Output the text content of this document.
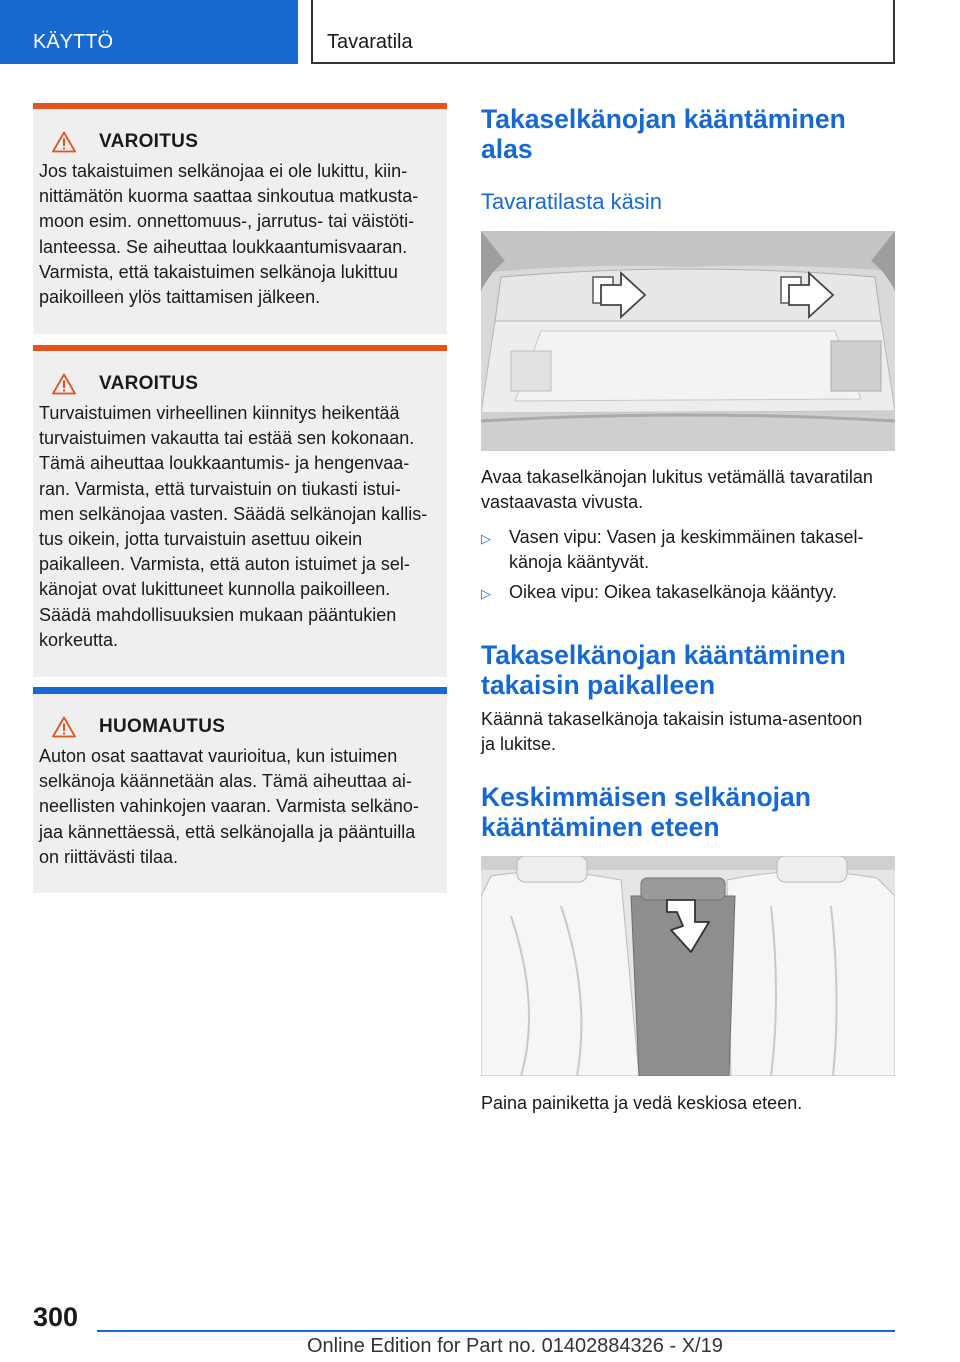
KÄYTTÖ	Tavaratila
VAROITUS
Jos takaistuimen selkänojaa ei ole lukittu, kiin-
nittämätön kuorma saattaa sinkoutua matkusta-
moon esim. onnettomuus-, jarrutus- tai väistöti-
lanteessa. Se aiheuttaa loukkaantumisvaaran.
Varmista, että takaistuimen selkänoja lukittuu
paikoilleen ylös taittamisen jälkeen.
VAROITUS
Turvaistuimen virheellinen kiinnitys heikentää
turvaistuimen vakautta tai estää sen kokonaan.
Tämä aiheuttaa loukkaantumis- ja hengenvaa-
ran. Varmista, että turvaistuin on tiukasti istui-
men selkänojaa vasten. Säädä selkänojan kallis-
tus oikein, jotta turvaistuin asettuu oikein
paikalleen. Varmista, että auton istuimet ja sel-
känojat ovat lukittuneet kunnolla paikoilleen.
Säädä mahdollisuuksien mukaan pääntukien
korkeutta.
HUOMAUTUS
Auton osat saattavat vaurioitua, kun istuimen
selkänoja käännetään alas. Tämä aiheuttaa ai-
neellisten vahinkojen vaaran. Varmista selkäno-
jaa kännettäessä, että selkänojalla ja pääntuilla
on riittävästi tilaa.
Takaselkänojan kääntäminen
alas
Tavaratilasta käsin
Avaa takaselkänojan lukitus vetämällä tavaratilan
vastaavasta vivusta.
▷	Vasen vipu: Vasen ja keskimmäinen takasel-
känoja kääntyvät.
▷	Oikea vipu: Oikea takaselkänoja kääntyy.
Takaselkänojan kääntäminen
takaisin paikalleen
Käännä takaselkänoja takaisin istuma-asentoon
ja lukitse.
Keskimmäisen selkänojan
kääntäminen eteen
Paina painiketta ja vedä keskiosa eteen.
300
Online Edition for Part no. 01402884326 - X/19
